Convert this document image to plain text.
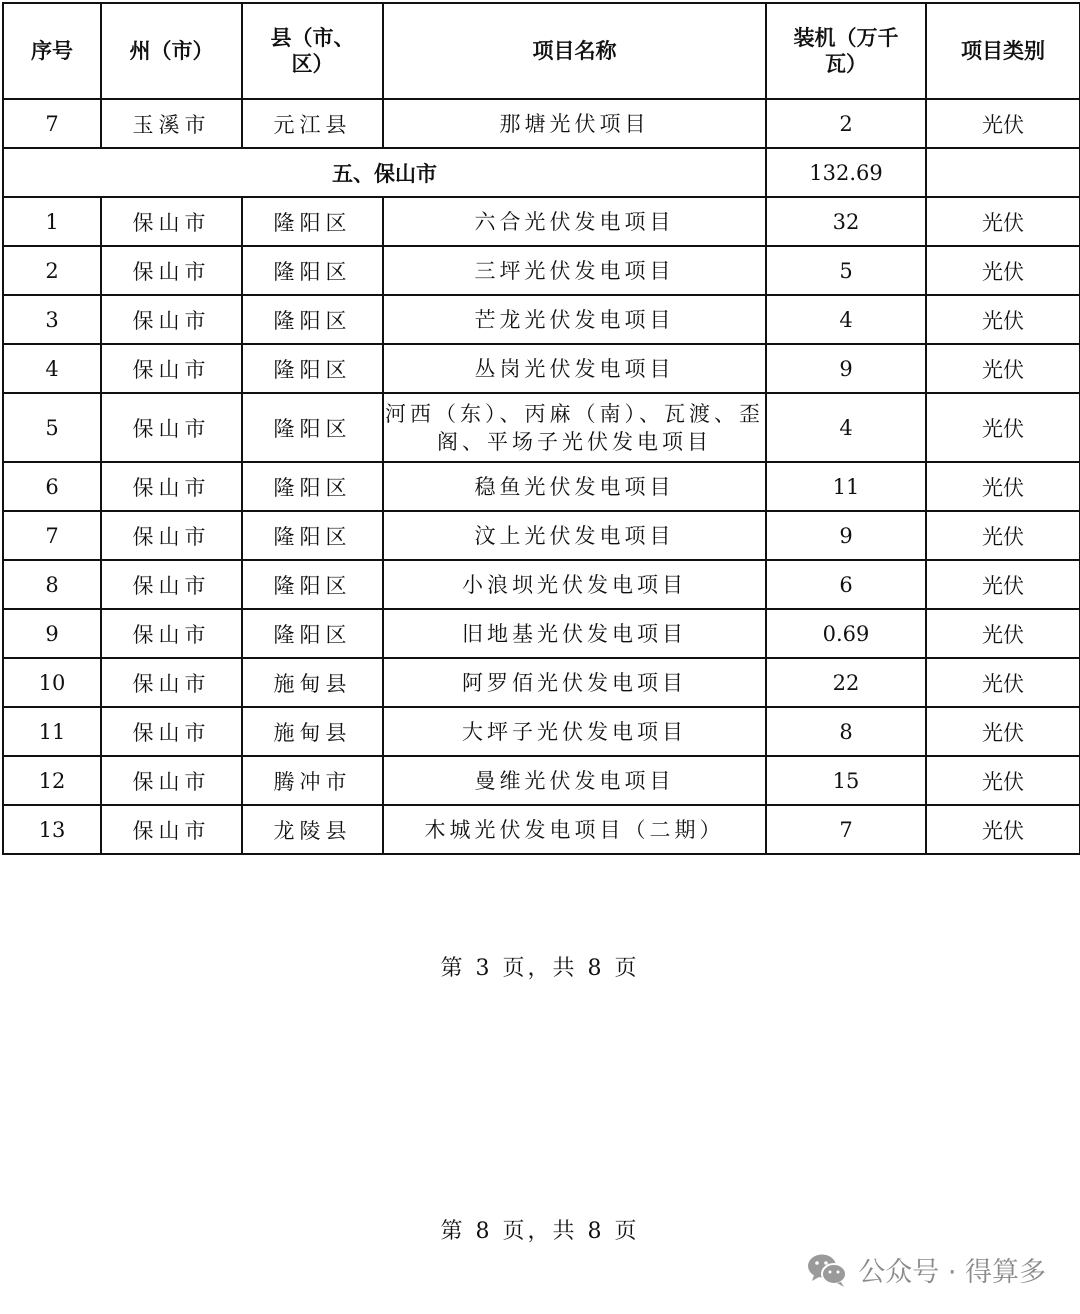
序号	州（市）	县（市、区）	项目名称	装机（万千瓦）	项目类别
7	玉溪市	元江县	那塘光伏项目	2	光伏
五、保山市				132.69	
1	保山市	隆阳区	六合光伏发电项目	32	光伏
2	保山市	隆阳区	三坪光伏发电项目	5	光伏
3	保山市	隆阳区	芒龙光伏发电项目	4	光伏
4	保山市	隆阳区	丛岗光伏发电项目	9	光伏
5	保山市	隆阳区	河西（东）、丙麻（南）、瓦渡、歪阁、平场子光伏发电项目	4	光伏
6	保山市	隆阳区	稳鱼光伏发电项目	11	光伏
7	保山市	隆阳区	汶上光伏发电项目	9	光伏
8	保山市	隆阳区	小浪坝光伏发电项目	6	光伏
9	保山市	隆阳区	旧地基光伏发电项目	0.69	光伏
10	保山市	施甸县	阿罗佰光伏发电项目	22	光伏
11	保山市	施甸县	大坪子光伏发电项目	8	光伏
12	保山市	腾冲市	曼维光伏发电项目	15	光伏
13	保山市	龙陵县	木城光伏发电项目（二期）	7	光伏
第 3 页，共 8 页
第 8 页，共 8 页
公众号 · 得算多
